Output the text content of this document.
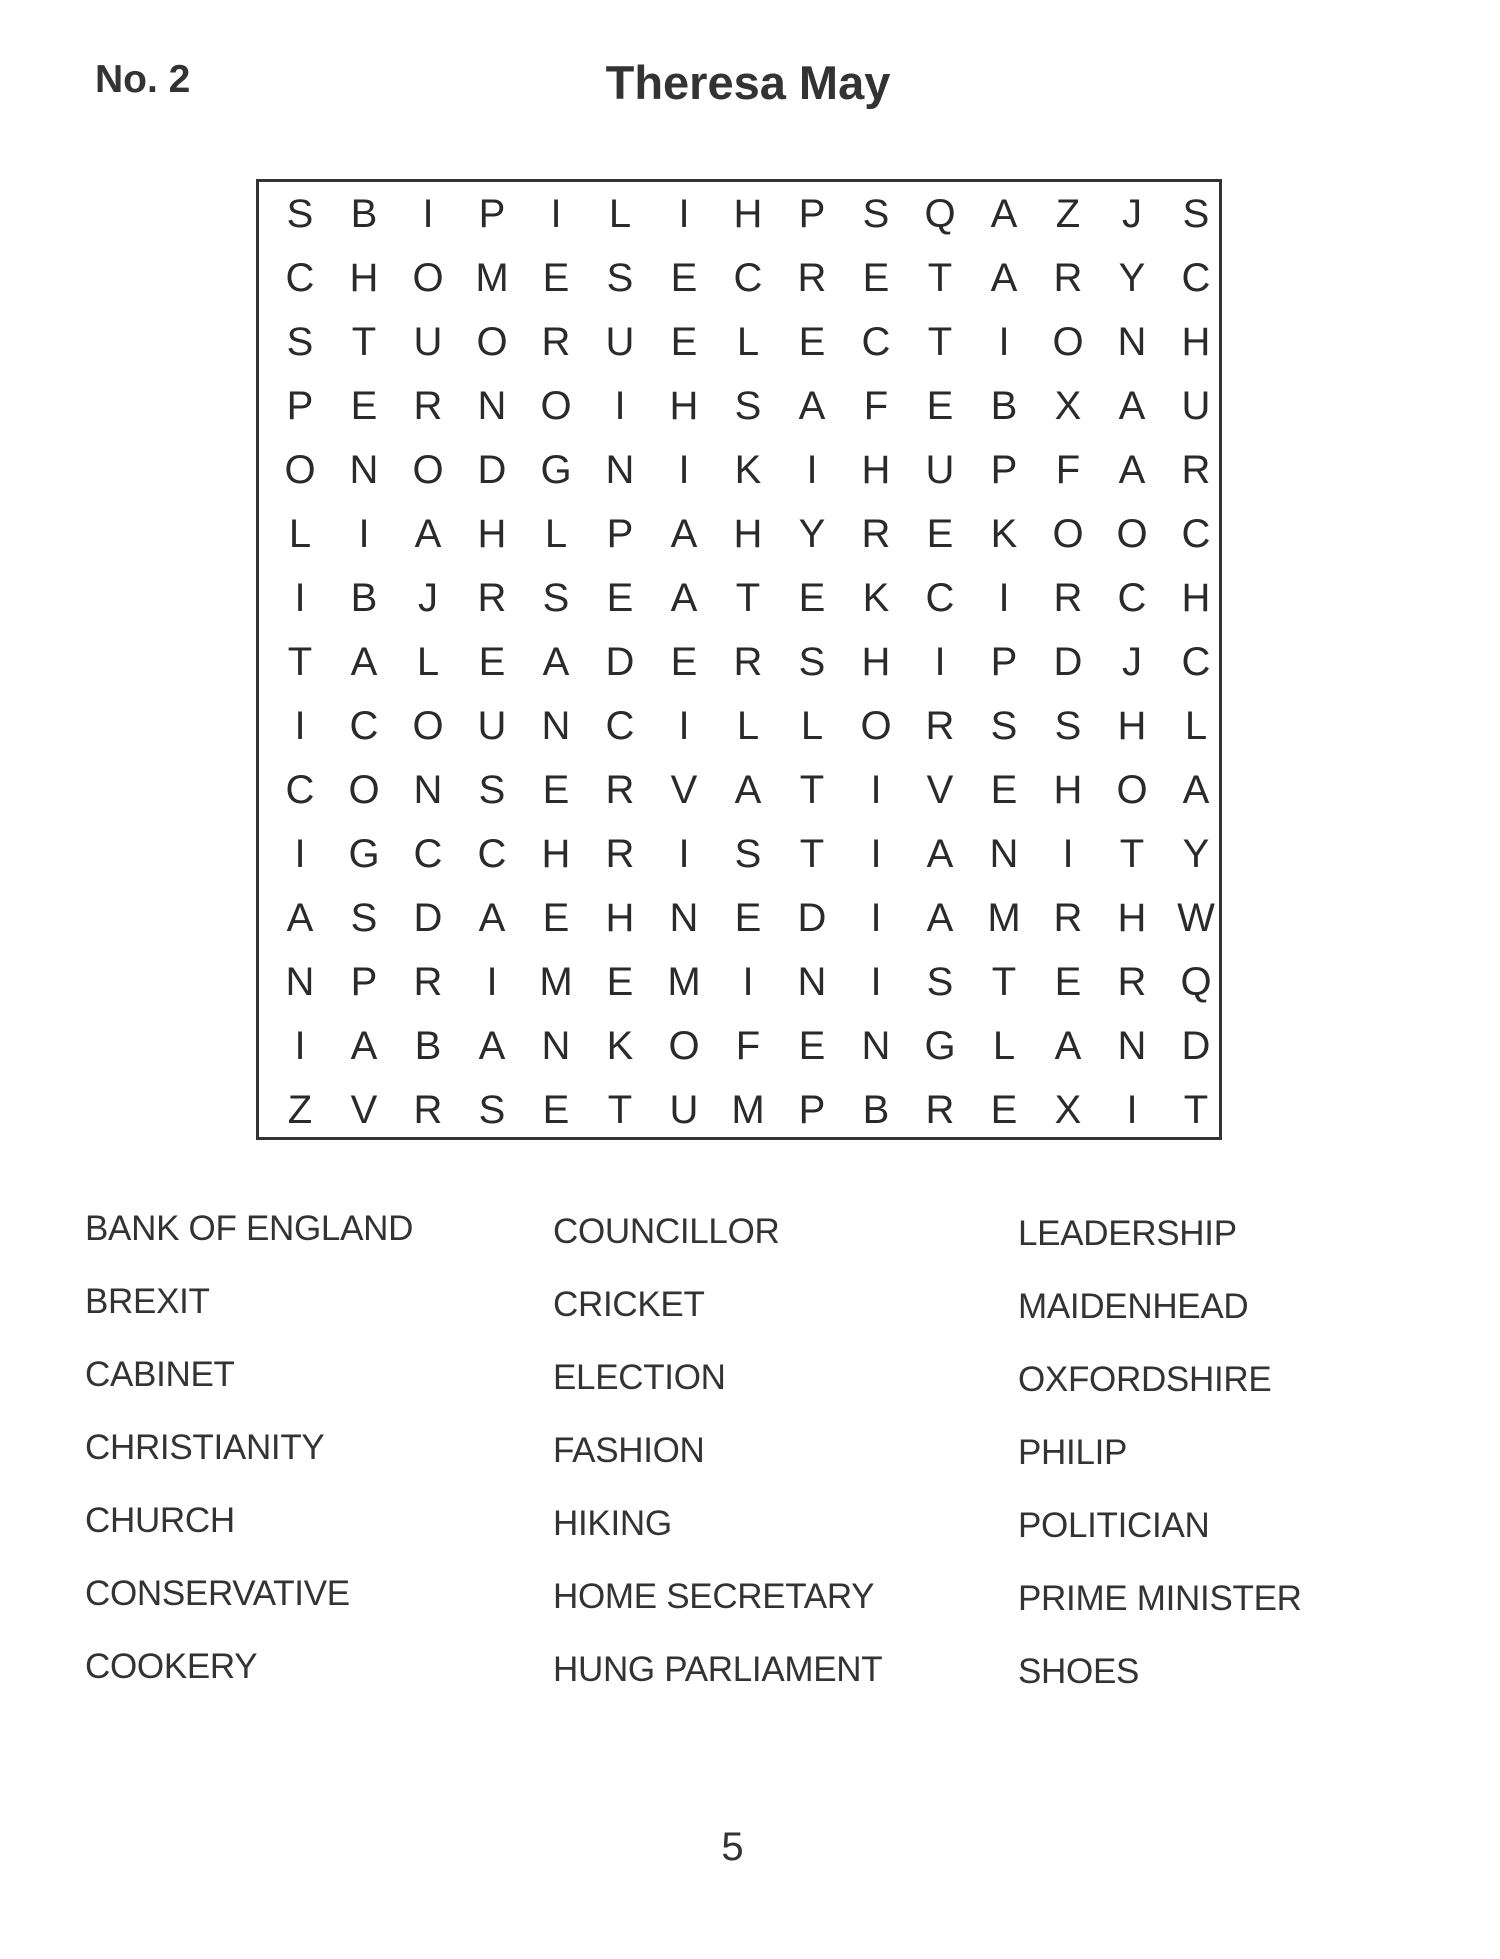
No. 2	Theresa May
S B	I	P	I	L	I	H P S Q A Z	J	S
C H O M E S E C R E T A R Y C
S T U O R U E L E C T	I	O N H
P E R N O	I	H S A F E B X A U
O N O D G N	I	K	I	H U P F A R
L	I	A H L P A H Y R E K O O C
I	B	J R S E A T E K C	I	R C H
T A L E A D E R S H	I	P D J C
I	C O U N C	I	L	L O R S S H L
C O N S E R V A T	I	V E H O A
I	G C C H R	I	S T	I	A N	I	T Y
A S D A E H N E D	I	A M R H W
N P R	I	M E M	I	N	I	S T E R Q
I	A B A N K O F E N G L A N D
Z V R S E T U M P B R E X	I	T
BANK OF ENGLAND
BREXIT
CABINET
CHRISTIANITY
CHURCH
CONSERVATIVE
COOKERY
COUNCILLOR
CRICKET
ELECTION
FASHION
HIKING
HOME SECRETARY
HUNG PARLIAMENT
LEADERSHIP
MAIDENHEAD
OXFORDSHIRE
PHILIP
POLITICIAN
PRIME MINISTER
SHOES
5
